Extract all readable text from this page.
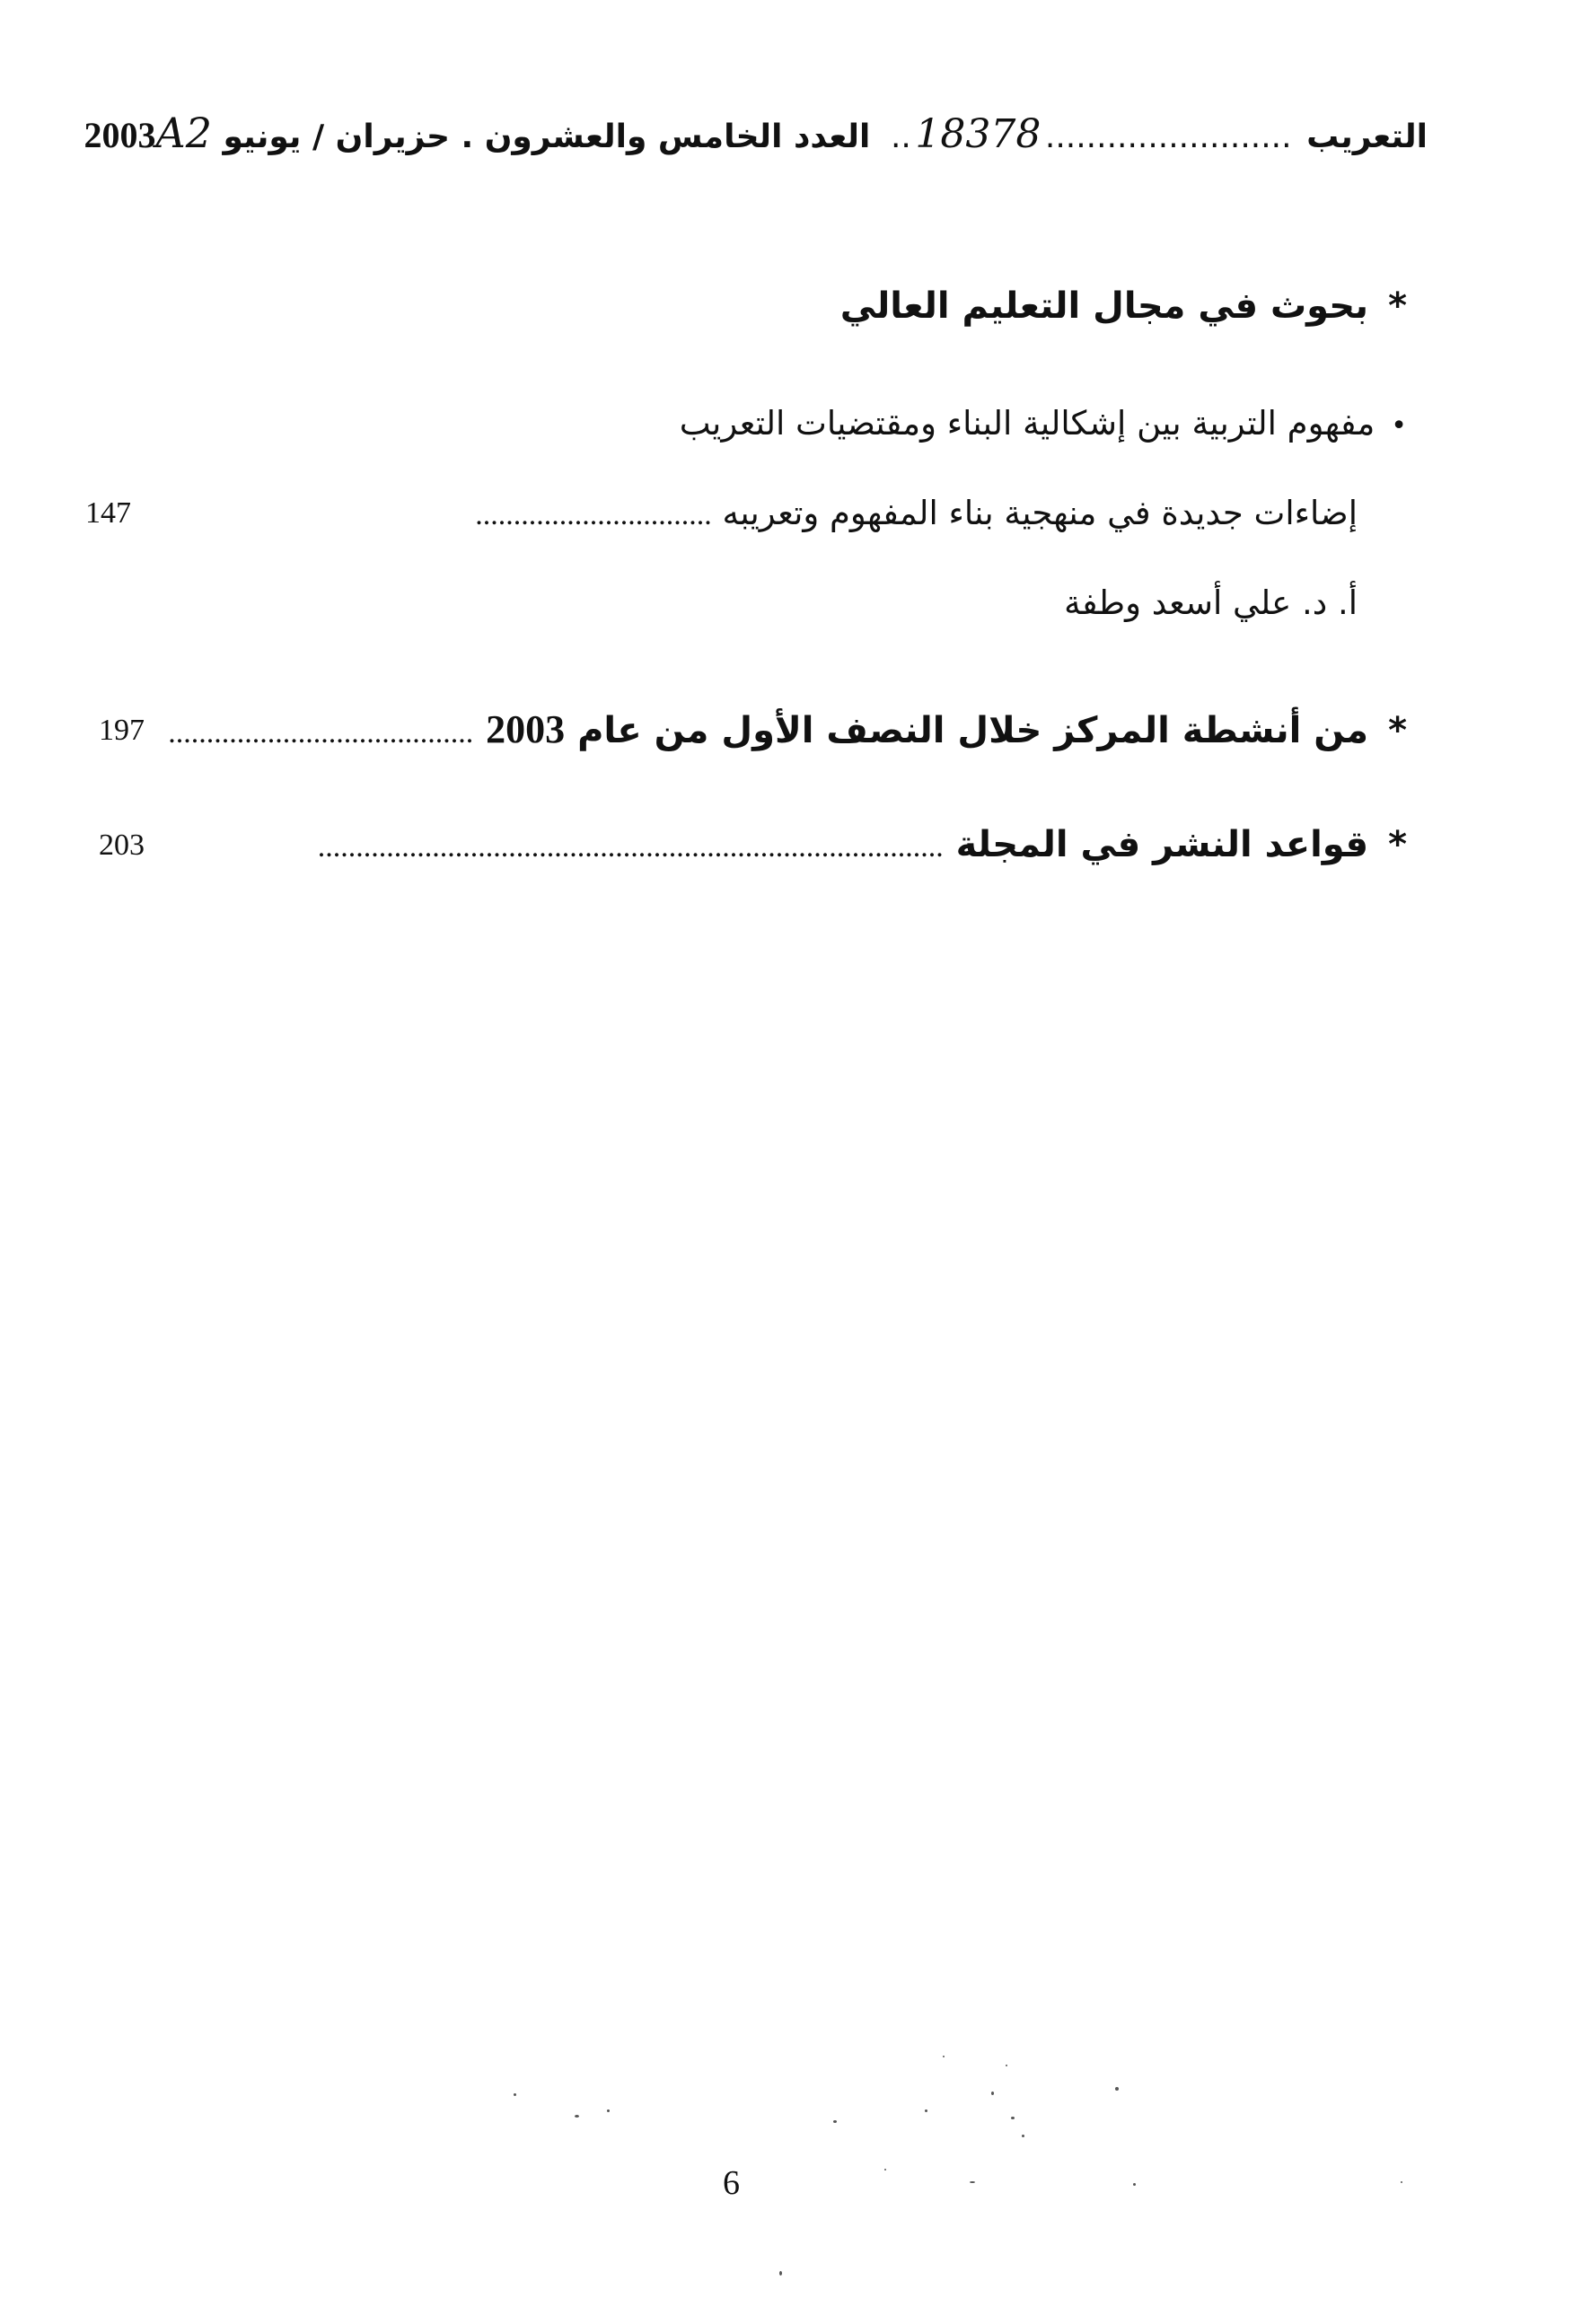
التعريب ........................ 18378 .. العدد الخامس والعشرون . حزيران / يونيو 2003A2
*بحوث في مجال التعليم العالي
•مفهوم التربية بين إشكالية البناء ومقتضيات التعريب
إضاءات جديدة في منهجية بناء المفهوم وتعريبه ...............................
147
أ. د. علي أسعد وطفة
*من أنشطة المركز خلال النصف الأول من عام 2003 ........................................
197
*قواعد النشر في المجلة ..................................................................................
203
6
